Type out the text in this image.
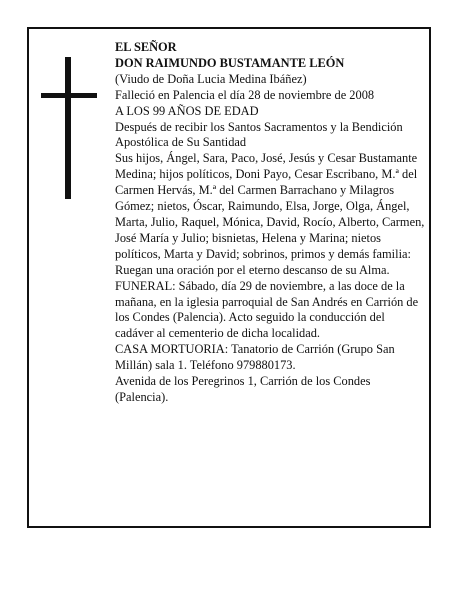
EL SEÑOR

DON RAIMUNDO BUSTAMANTE LEÓN

(Viudo de Doña Lucia Medina Ibáñez)

Falleció en Palencia el día 28 de noviembre de 2008

A LOS 99 AÑOS DE EDAD

Después de recibir los Santos Sacramentos y la Bendición Apostólica de Su Santidad

Sus hijos, Ángel, Sara, Paco, José, Jesús y Cesar Bustamante Medina; hijos políticos, Doni Payo, Cesar Escribano, M.ª del Carmen Hervás, M.ª del Carmen Barrachano y Milagros Gómez; nietos, Óscar, Raimundo, Elsa, Jorge, Olga, Ángel, Marta, Julio, Raquel, Mónica, David, Rocío, Alberto, Carmen, José María y Julio; bisnietas, Helena y Marina; nietos políticos, Marta y David; sobrinos, primos y demás familia:

Ruegan una oración por el eterno descanso de su Alma.

FUNERAL: Sábado, día 29 de noviembre, a las doce de la mañana, en la iglesia parroquial de San Andrés en Carrión de los Condes (Palencia). Acto seguido la conducción del cadáver al cementerio de dicha localidad.

CASA MORTUORIA: Tanatorio de Carrión (Grupo San Millán) sala 1. Teléfono 979880173.

Avenida de los Peregrinos 1, Carrión de los Condes (Palencia).
